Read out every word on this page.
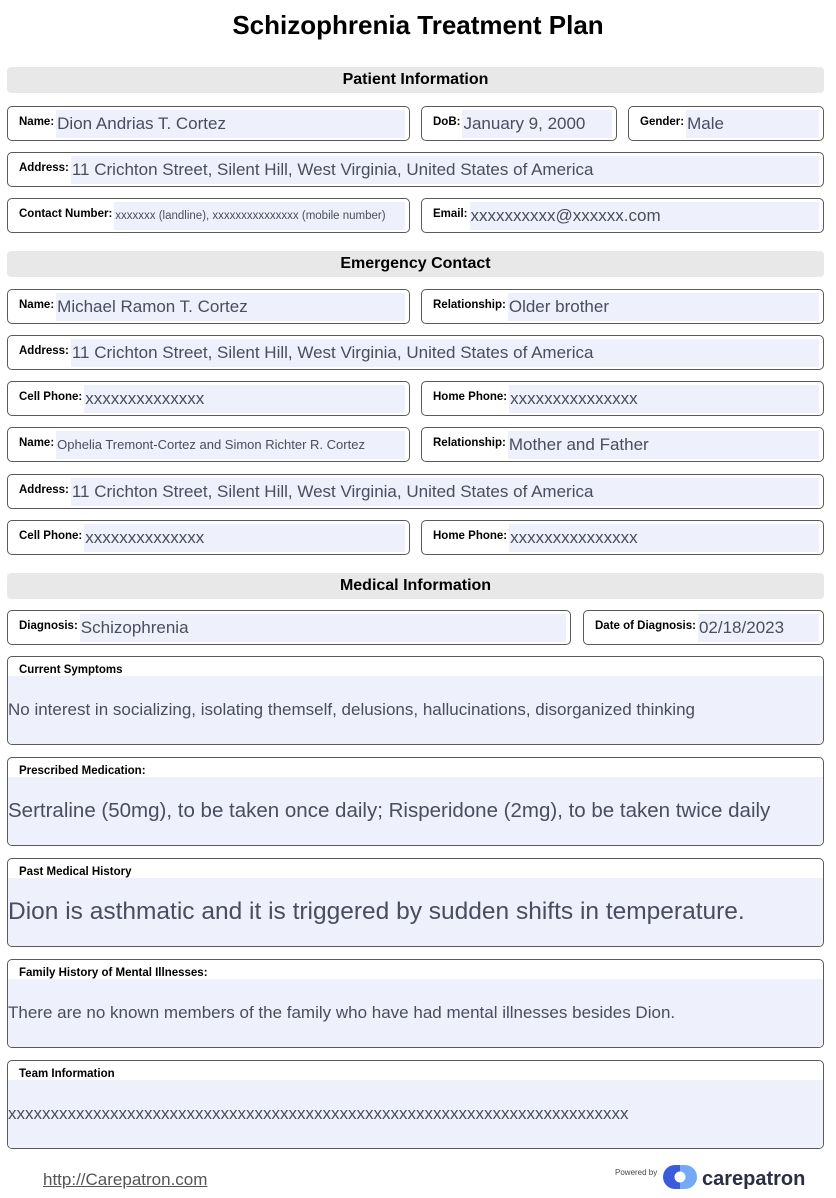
Schizophrenia Treatment Plan
Patient Information
Name: Dion Andrias T. Cortez	DoB: January 9, 2000	Gender: Male
Address: 11 Crichton Street, Silent Hill, West Virginia, United States of America
Contact Number: xxxxxxx (landline), xxxxxxxxxxxxxxx (mobile number)	Email: xxxxxxxxxx@xxxxxx.com
Emergency Contact
Name: Michael Ramon T. Cortez	Relationship: Older brother
Address: 11 Crichton Street, Silent Hill, West Virginia, United States of America
Cell Phone: xxxxxxxxxxxxxx	Home Phone: xxxxxxxxxxxxxxx
Name: Ophelia Tremont-Cortez and Simon Richter R. Cortez	Relationship: Mother and Father
Address: 11 Crichton Street, Silent Hill, West Virginia, United States of America
Cell Phone: xxxxxxxxxxxxxx	Home Phone: xxxxxxxxxxxxxxx
Medical Information
Diagnosis: Schizophrenia	Date of Diagnosis: 02/18/2023
Current Symptoms
No interest in socializing, isolating themself, delusions, hallucinations, disorganized thinking
Prescribed Medication:
Sertraline (50mg), to be taken once daily; Risperidone (2mg), to be taken twice daily
Past Medical History
Dion is asthmatic and it is triggered by sudden shifts in temperature.
Family History of Mental Illnesses:
There are no known members of the family who have had mental illnesses besides Dion.
Team Information
xxxxxxxxxxxxxxxxxxxxxxxxxxxxxxxxxxxxxxxxxxxxxxxxxxxxxxxxxxxxxxxxxxxxxxxxx
http://Carepatron.com	Powered by carepatron
